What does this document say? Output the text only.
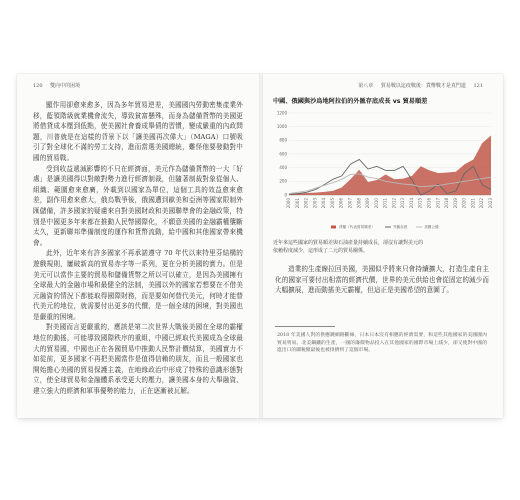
120 雙向中的困境

顯作用卻愈來愈多，因為多年貿易逆差，美國國內勞動密集產業外移，藍領階級就業機會流失，導致貧富懸殊，而身為儲備貨幣的美國更將借貸成本壓到低點，使美國社會養成舉債的習慣，變成嚴重的內政問題，川普就是在這樣的背景下以「讓美國再次偉大」（MAGA）口號吸引了對全球化不滿的勞工支持，進而當選美國總統，難怪他要發動對中國的貿易戰。

受到收益遞減影響的不只在經濟面，美元作為儲備貨幣的一大「好處」是讓美國得以對敵對勢力進行經濟制裁，但隨著制裁對象從個人、組織、範圍愈來愈廣，外載到以國家為單位，這個工具的效益愈來愈差，副作用愈來愈大，俄烏戰爭後，俄國遭到歐美和亞洲等國家限制外匯儲備，許多國家的疑慮來自對美國財政和美國聯準會的金融政策，特別是中國更多年來都在推動人民幣國際化，不願意美國的金融霸權壟斷太久，更新聯邦準備制度的運作和貨幣流動，給中國和其他國家帶來機會。

此外，近年來有許多國家不再承諾遵守 70 年代以來特里芬結構的遊戲規則，屢破新高的貿易赤字等一系列，更在分析美國的實力。但是美元可以當作主要的貿易和儲備貨幣之所以可以確立，是因為美國擁有全球最大的金融市場和最健全的法制，美國以外的國家若想要在不借美元融資的情況下都能取得國際財務，而是要如何替代美元，何時才能替代美元的地位，就需要付出更多的代價，是一個全球的困境，對美國也是嚴重的困境。

對美國而言更嚴重的，應該是第二次世界大戰後美國在全球的霸權地位的動搖，可能導致國際秩序的重組，中國已經取代美國成為全球最大的貿易國，中國也正在各國貿易中推動人民幣計價結算，美國實力不如從前，更多國家不再把美國當作是值得信賴的朋友，而且一般國家也開始擔心美國的貿易保護主義，在地緣政治中形成了特殊的意識形態對立，使全球貿易和金融體系承受更大的壓力，讓美國本身的大舉融資、建立強大的經濟和軍事優勢的能力，正在逐漸被瓦解。

第八章 貿易戰以迄疫戰後：貨幣戰才是真門道 121
中國、俄國與沙烏地阿拉伯的外匯存底成長 vs 貿易順差
0
200
400
600
800
1000
1200
2000 2001 2002 2003 2004 2005 2006 2007 2008 2009 2010 2011 2012 2013 2014 2015 2016 2017 2018 2019 2020 2021 2022 2023
淨額（代表貿易順差）	外匯存底	美國公債
近年來這些國家的貿易順差與石油產量持續成長，卻沒有讓對美元的依賴程度減少，這形成了二元的貿易關係。

造業的生產線拉回美國，美國似乎將來只會持續擴大，打造生產自主化的國家可要付出相當的經濟代價，世界的美元供給也會從固定的減少而大幅擴展，進而動搖美元霸權，但這正是美國希望的意圖了。

2018 年美國人對的供應鏈網路斷線，日本日本沒有相應的經濟需要，和這些其他國家的美國國內貿易貿易。北美鋼鐵的生產，一國的廉價物品投入在其他國家的國際市場上減少，卻又使對中國的進出口的關稅額最後也被排擠到了這個市場。
